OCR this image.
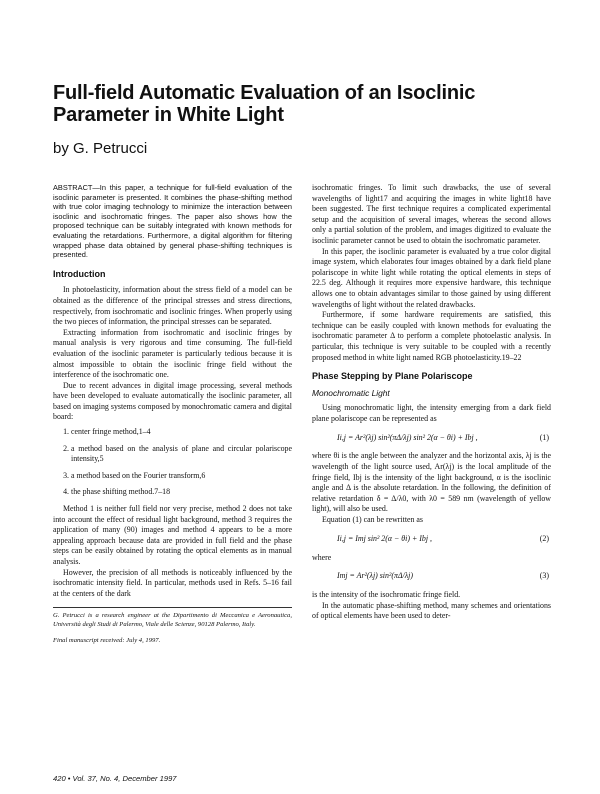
Full-field Automatic Evaluation of an Isoclinic Parameter in White Light
by G. Petrucci

ABSTRACT—In this paper, a technique for full-field evaluation of the isoclinic parameter is presented. It combines the phase-shifting method with true color imaging technology to minimize the interaction between isoclinic and isochromatic fringes. The paper also shows how the proposed technique can be suitably integrated with known methods for evaluating the retardations. Furthermore, a digital algorithm for filtering wrapped phase data obtained by general phase-shifting techniques is presented.

Introduction

In photoelasticity, information about the stress field of a model can be obtained as the difference of the principal stresses and stress directions, respectively, from isochromatic and isoclinic fringes. When properly using the two pieces of information, the principal stresses can be separated.

Extracting information from isochromatic and isoclinic fringes by manual analysis is very rigorous and time consuming. The full-field evaluation of the isoclinic parameter is particularly tedious because it is almost impossible to obtain the isoclinic fringe field without the interference of the isochromatic one.

Due to recent advances in digital image processing, several methods have been developed to evaluate automatically the isoclinic parameter, all based on imaging systems composed by monochromatic camera and digital board:

1. center fringe method,1–4
2. a method based on the analysis of plane and circular polariscope intensity,5
3. a method based on the Fourier transform,6
4. the phase shifting method.7–18

Method 1 is neither full field nor very precise, method 2 does not take into account the effect of residual light background, method 3 requires the application of many (90) images and method 4 appears to be a more appealing approach because data are provided in full field and the phase steps can be easily obtained by rotating the optical elements as in manual analysis.

However, the precision of all methods is noticeably influenced by the isochromatic intensity field. In particular, methods used in Refs. 5–16 fail at the centers of the dark

G. Petrucci is a research engineer at the Dipartimento di Meccanica e Aeronautica, Università degli Studi di Palermo, Viale delle Scienze, 90128 Palermo, Italy.

Final manuscript received: July 4, 1997.

isochromatic fringes. To limit such drawbacks, the use of several wavelengths of light17 and acquiring the images in white light18 have been suggested. The first technique requires a complicated experimental setup and the acquisition of several images, whereas the second allows only a partial solution of the problem, and images digitized to evaluate the isoclinic parameter cannot be used to obtain the isochromatic parameter.

In this paper, the isoclinic parameter is evaluated by a true color digital image system, which elaborates four images obtained by a dark field plane polariscope in white light while rotating the optical elements in steps of 22.5 deg. Although it requires more expensive hardware, this technique allows one to obtain advantages similar to those gained by using different wavelengths of light without the related drawbacks.

Furthermore, if some hardware requirements are satisfied, this technique can be easily coupled with known methods for evaluating the isochromatic parameter Δ to perform a complete photoelastic analysis. In particular, this technique is very suitable to be coupled with a recently proposed method in white light named RGB photoelasticity.19–22

Phase Stepping by Plane Polariscope
Monochromatic Light

Using monochromatic light, the intensity emerging from a dark field plane polariscope can be represented as

Ii,j = Ar²(λj) sin²(πΔ/λj) sin² 2(α − θi) + Ibj ,	(1)

where θi is the angle between the analyzer and the horizontal axis, λj is the wavelength of the light source used, Ar(λj) is the local amplitude of the fringe field, Ibj is the intensity of the light background, α is the isoclinic angle and Δ is the absolute retardation. In the following, the definition of relative retardation δ = Δ/λ0, with λ0 = 589 nm (wavelength of yellow light), will also be used.

Equation (1) can be rewritten as

Ii,j = Imj sin² 2(α − θi) + Ibj ,	(2)

where

Imj = Ar²(λj) sin²(πΔ/λj)	(3)

is the intensity of the isochromatic fringe field.

In the automatic phase-shifting method, many schemes and orientations of optical elements have been used to deter-

420 • Vol. 37, No. 4, December 1997
